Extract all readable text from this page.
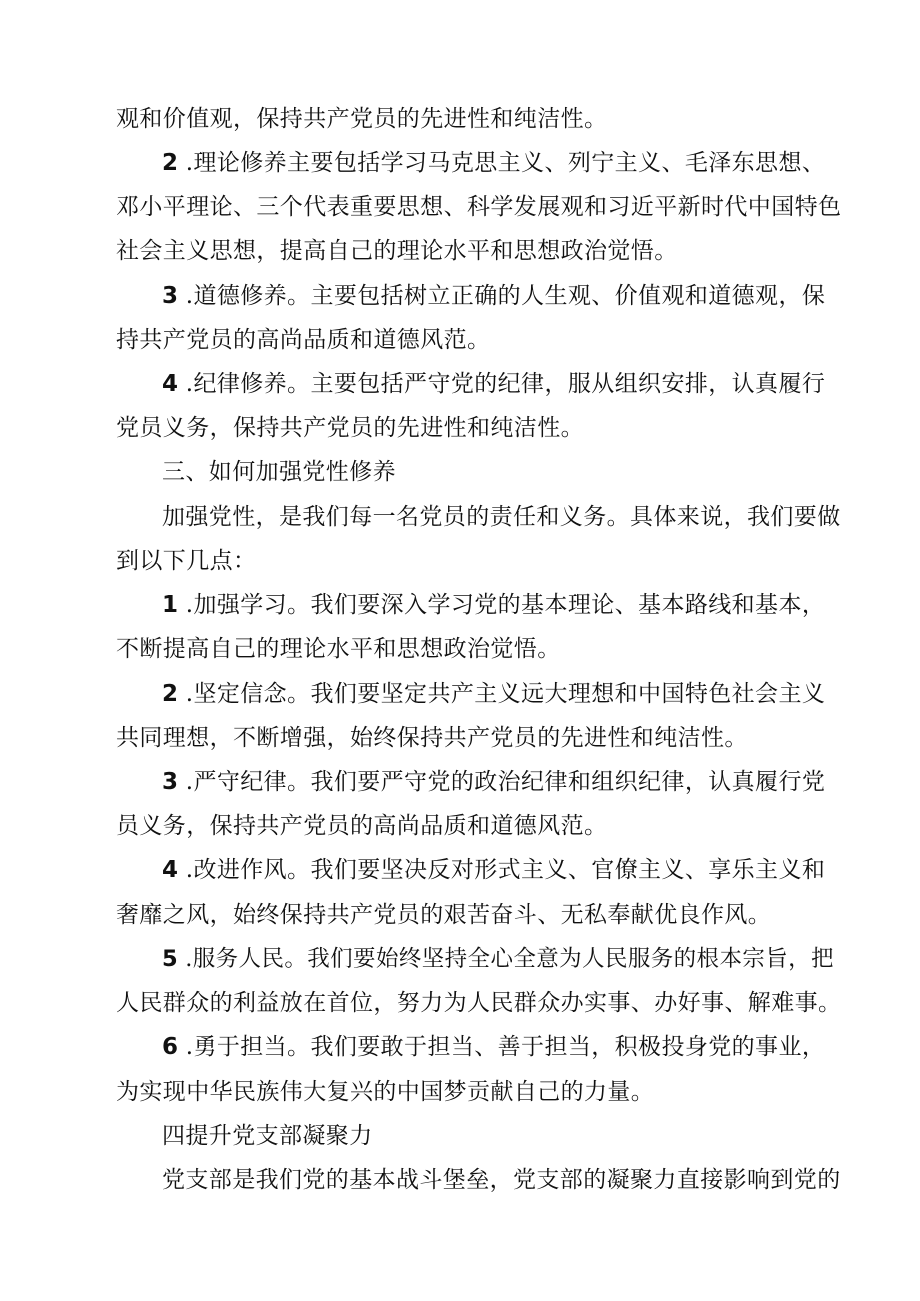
观和价值观，保持共产党员的先进性和纯洁性。
2 .理论修养主要包括学习马克思主义、列宁主义、毛泽东思想、
邓小平理论、三个代表重要思想、科学发展观和习近平新时代中国特色
社会主义思想，提高自己的理论水平和思想政治觉悟。
3 .道德修养。主要包括树立正确的人生观、价值观和道德观，保
持共产党员的高尚品质和道德风范。
4 .纪律修养。主要包括严守党的纪律，服从组织安排，认真履行
党员义务，保持共产党员的先进性和纯洁性。
三、如何加强党性修养
加强党性，是我们每一名党员的责任和义务。具体来说，我们要做
到以下几点：
1 .加强学习。我们要深入学习党的基本理论、基本路线和基本，
不断提高自己的理论水平和思想政治觉悟。
2 .坚定信念。我们要坚定共产主义远大理想和中国特色社会主义
共同理想，不断增强，始终保持共产党员的先进性和纯洁性。
3 .严守纪律。我们要严守党的政治纪律和组织纪律，认真履行党
员义务，保持共产党员的高尚品质和道德风范。
4 .改进作风。我们要坚决反对形式主义、官僚主义、享乐主义和
奢靡之风，始终保持共产党员的艰苦奋斗、无私奉献优良作风。
5 .服务人民。我们要始终坚持全心全意为人民服务的根本宗旨，把
人民群众的利益放在首位，努力为人民群众办实事、办好事、解难事。
6 .勇于担当。我们要敢于担当、善于担当，积极投身党的事业，
为实现中华民族伟大复兴的中国梦贡献自己的力量。
四提升党支部凝聚力
党支部是我们党的基本战斗堡垒，党支部的凝聚力直接影响到党的
